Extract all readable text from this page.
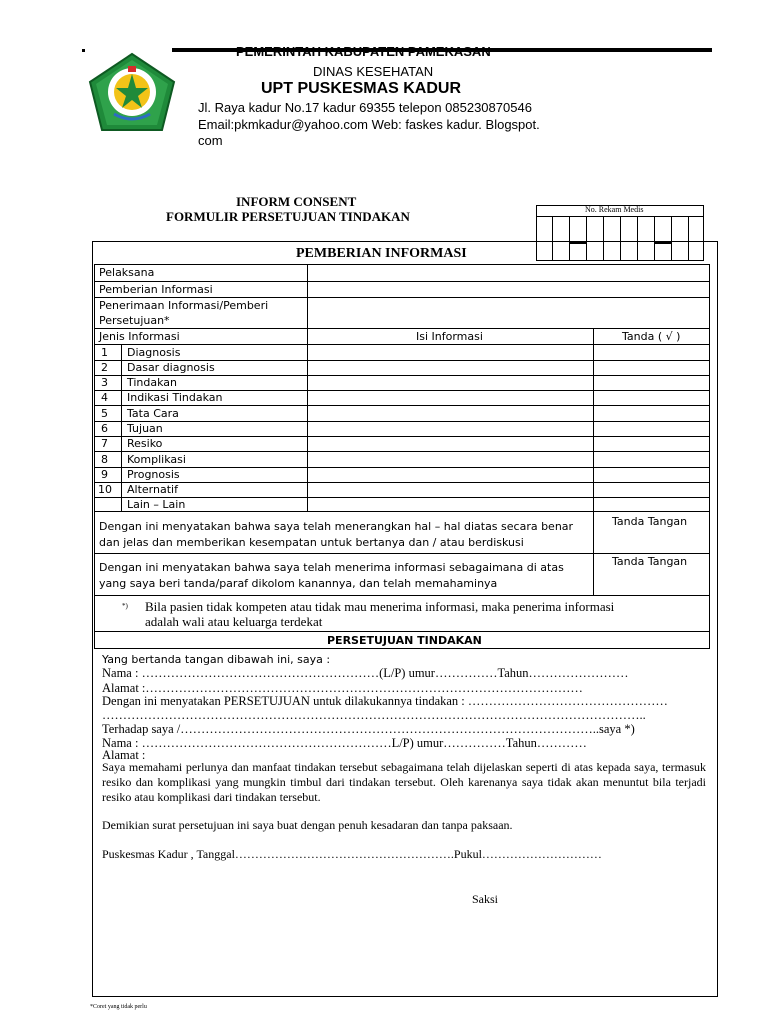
PEMERINTAH KABUPATEN PAMEKASAN
DINAS KESEHATAN
UPT PUSKESMAS KADUR
Jl. Raya kadur No.17 kadur 69355 telepon 085230870546
Email:pkmkadur@yahoo.com Web: faskes kadur. Blogspot.
com
INFORM CONSENT
FORMULIR PERSETUJUAN TINDAKAN	No. Rekam Medis
PEMBERIAN INFORMASI
Pelaksana
Pemberian Informasi
Penerimaan Informasi/Pemberi
Persetujuan*
Jenis Informasi	Isi Informasi	Tanda ( √ )
1 Diagnosis
2 Dasar diagnosis
3 Tindakan
4 Indikasi Tindakan
5 Tata Cara
6 Tujuan
7 Resiko
8 Komplikasi
9 Prognosis
10 Alternatif
Lain – Lain
Dengan ini menyatakan bahwa saya telah menerangkan hal – hal diatas secara benar
dan jelas dan memberikan kesempatan untuk bertanya dan / atau berdiskusi
Tanda Tangan
Dengan ini menyatakan bahwa saya telah menerima informasi sebagaimana di atas
yang saya beri tanda/paraf dikolom kanannya, dan telah memahaminya
Tanda Tangan
*) Bila pasien tidak kompeten atau tidak mau menerima informasi, maka penerima informasi
adalah wali atau keluarga terdekat
PERSETUJUAN TINDAKAN
Yang bertanda tangan dibawah ini, saya :
Nama : …………………………………………………(L/P) umur……………Tahun……………………
Alamat :……………………………………………………………………………………………
Dengan ini menyatakan PERSETUJUAN untuk dilakukannya tindakan : …………………………………………
…………………………………………………………………………………………………………………..
Terhadap saya /………………………………………………………………………………………..saya *)
Nama : ……………………………………………………L/P) umur……………Tahun…………
Alamat :
Saya memahami perlunya dan manfaat tindakan tersebut sebagaimana telah dijelaskan seperti di atas kepada saya, termasuk resiko dan komplikasi yang mungkin timbul dari tindakan tersebut. Oleh karenanya saya tidak akan menuntut bila terjadi resiko atau komplikasi dari tindakan tersebut.
Demikian surat persetujuan ini saya buat dengan penuh kesadaran dan tanpa paksaan.
Puskesmas Kadur , Tanggal……………………………………………….Pukul…………………………
Saksi
*Coret yang tidak perlu
